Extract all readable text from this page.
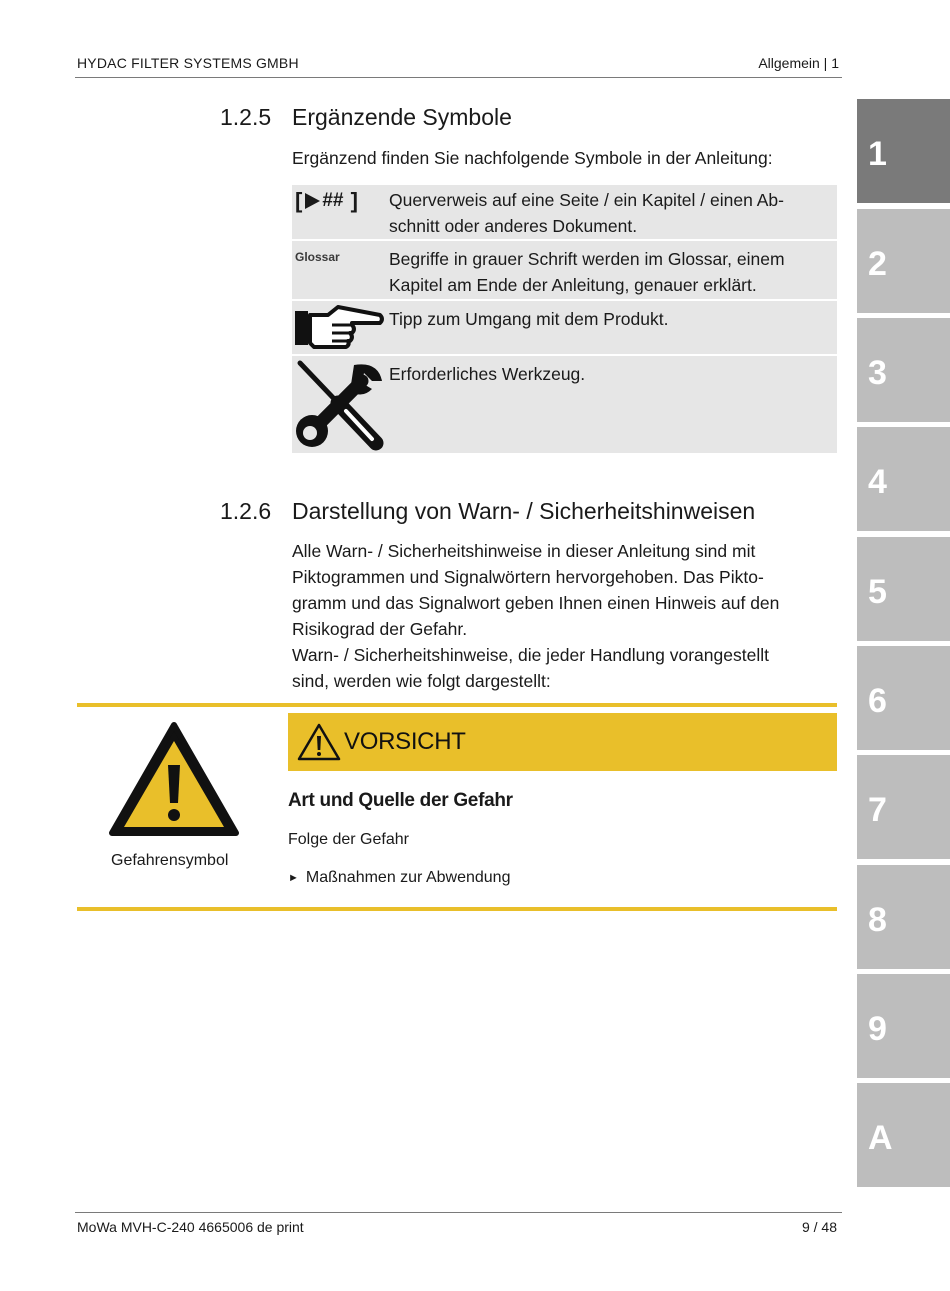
HYDAC FILTER SYSTEMS GMBH	Allgemein | 1
1
2
3
4
5
6
7
8
9
A
1.2.5 Ergänzende Symbole
Ergänzend finden Sie nachfolgende Symbole in der Anleitung:
[ ## ] Querverweis auf eine Seite / ein Kapitel / einen Ab-
schnitt oder anderes Dokument.
Glossar	Begriffe in grauer Schrift werden im Glossar, einem
Kapitel am Ende der Anleitung, genauer erklärt.
Tipp zum Umgang mit dem Produkt.
Erforderliches Werkzeug.
1.2.6 Darstellung von Warn- / Sicherheitshinweisen
Alle Warn- / Sicherheitshinweise in dieser Anleitung sind mit
Piktogrammen und Signalwörtern hervorgehoben. Das Pikto-
gramm und das Signalwort geben Ihnen einen Hinweis auf den
Risikograd der Gefahr.
Warn- / Sicherheitshinweise, die jeder Handlung vorangestellt
sind, werden wie folgt dargestellt:
Gefahrensymbol
VORSICHT
Art und Quelle der Gefahr
Folge der Gefahr
► Maßnahmen zur Abwendung
MoWa MVH-C-240 4665006 de print	9 / 48
